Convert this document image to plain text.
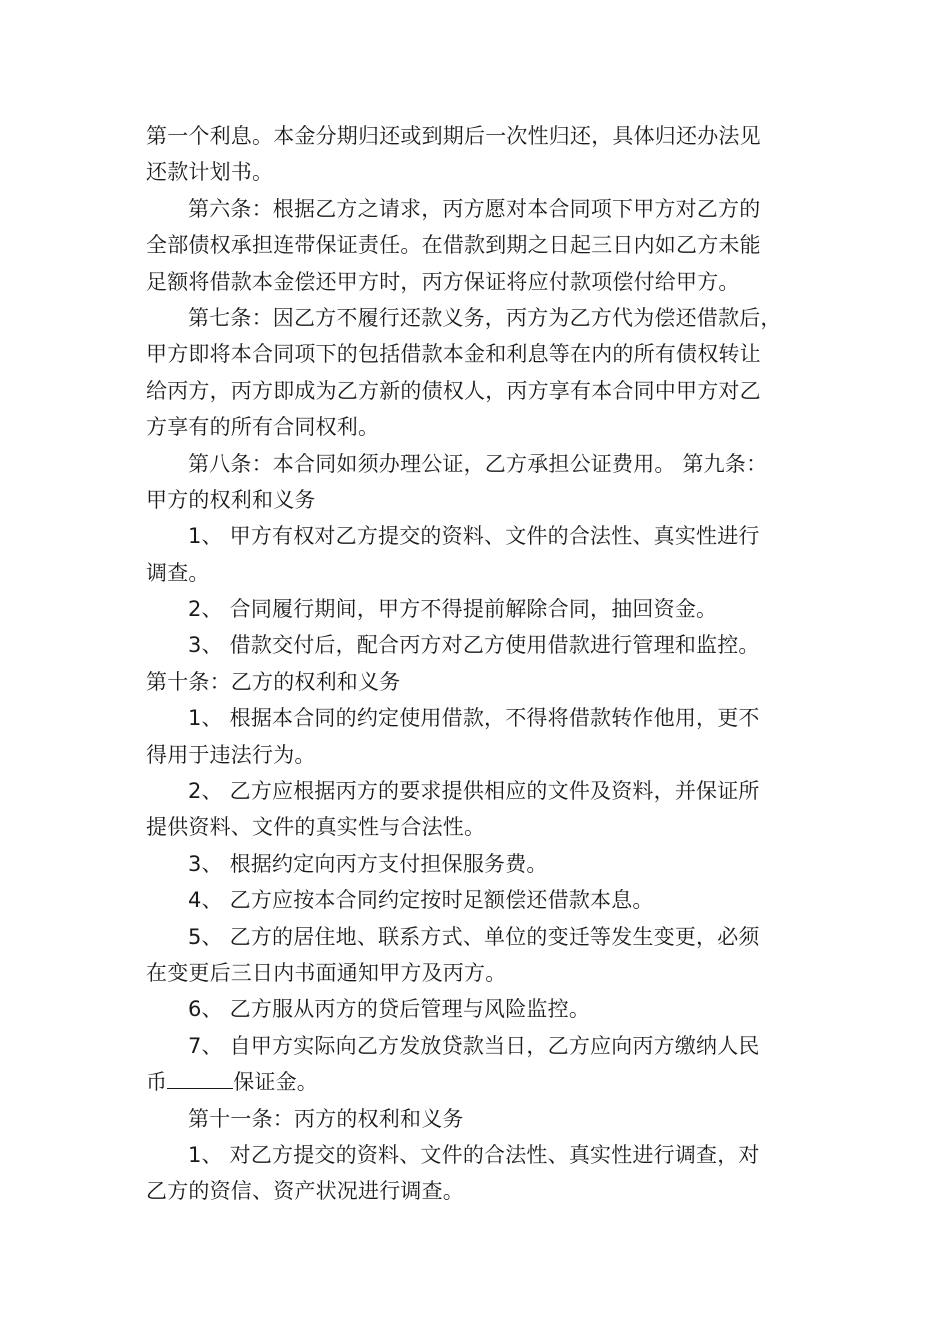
第一个利息。本金分期归还或到期后一次性归还，具体归还办法见
还款计划书。
第六条：根据乙方之请求，丙方愿对本合同项下甲方对乙方的
全部债权承担连带保证责任。在借款到期之日起三日内如乙方未能
足额将借款本金偿还甲方时，丙方保证将应付款项偿付给甲方。
第七条：因乙方不履行还款义务，丙方为乙方代为偿还借款后，
甲方即将本合同项下的包括借款本金和利息等在内的所有债权转让
给丙方，丙方即成为乙方新的债权人，丙方享有本合同中甲方对乙
方享有的所有合同权利。
第八条：本合同如须办理公证，乙方承担公证费用。 第九条：
甲方的权利和义务
1、 甲方有权对乙方提交的资料、文件的合法性、真实性进行
调查。
2、 合同履行期间，甲方不得提前解除合同，抽回资金。
3、 借款交付后，配合丙方对乙方使用借款进行管理和监控。
第十条：乙方的权利和义务
1、 根据本合同的约定使用借款，不得将借款转作他用，更不
得用于违法行为。
2、 乙方应根据丙方的要求提供相应的文件及资料，并保证所
提供资料、文件的真实性与合法性。
3、 根据约定向丙方支付担保服务费。
4、 乙方应按本合同约定按时足额偿还借款本息。
5、 乙方的居住地、联系方式、单位的变迁等发生变更，必须
在变更后三日内书面通知甲方及丙方。
6、 乙方服从丙方的贷后管理与风险监控。
7、 自甲方实际向乙方发放贷款当日，乙方应向丙方缴纳人民
币	保证金。
第十一条：丙方的权利和义务
1、 对乙方提交的资料、文件的合法性、真实性进行调查，对
乙方的资信、资产状况进行调查。
